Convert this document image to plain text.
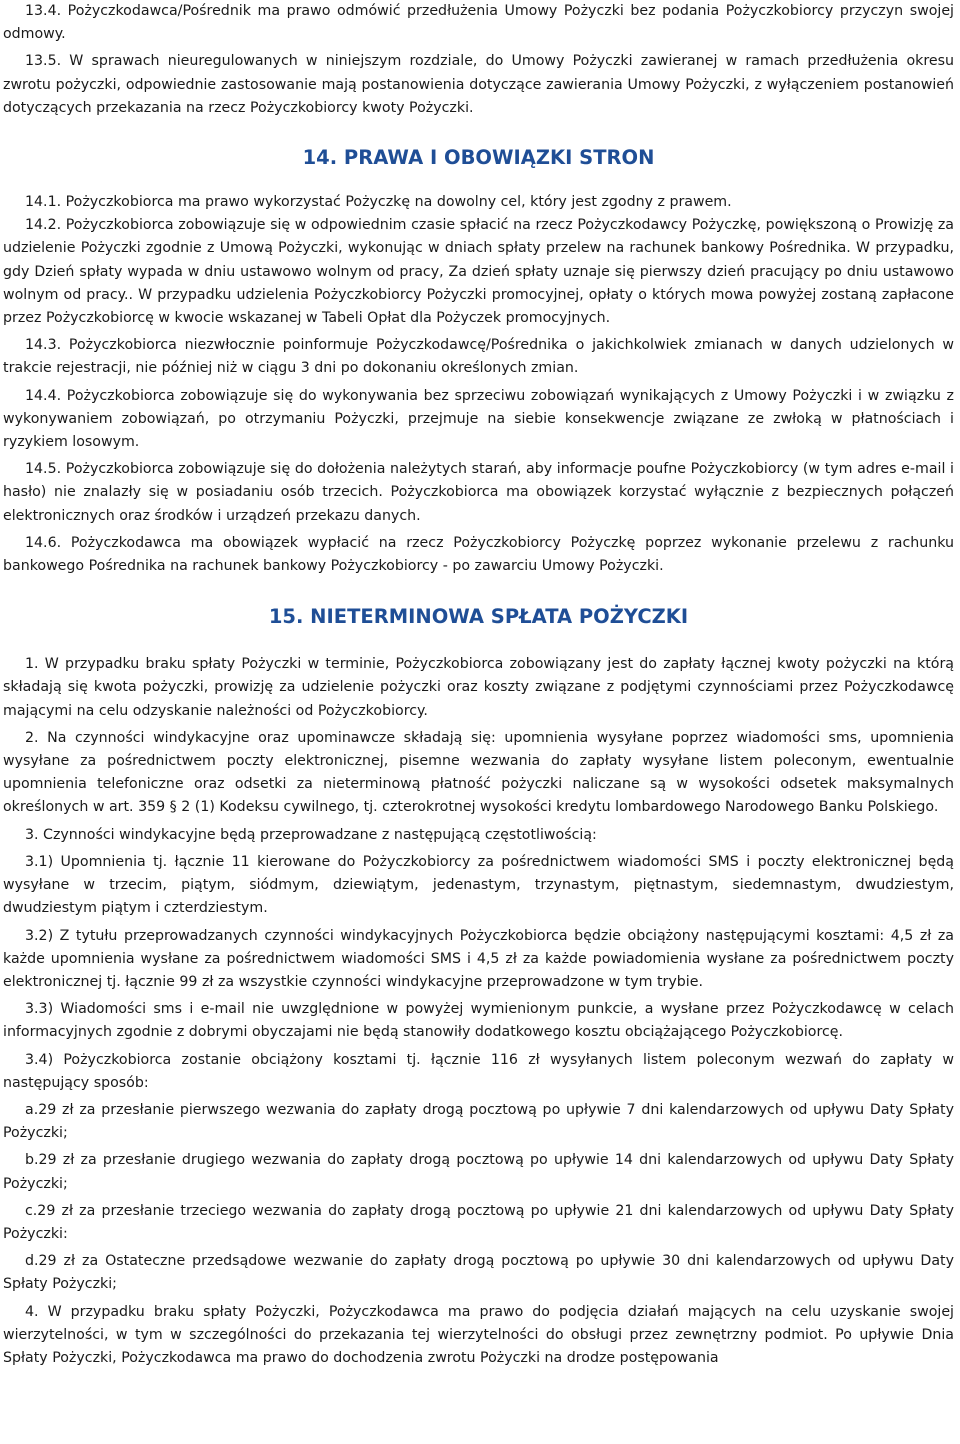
13.4. Pożyczkodawca/Pośrednik ma prawo odmówić przedłużenia Umowy Pożyczki bez podania Pożyczkobiorcy przyczyn swojej odmowy.

13.5. W sprawach nieuregulowanych w niniejszym rozdziale, do Umowy Pożyczki zawieranej w ramach przedłużenia okresu zwrotu pożyczki, odpowiednie zastosowanie mają postanowienia dotyczące zawierania Umowy Pożyczki, z wyłączeniem postanowień dotyczących przekazania na rzecz Pożyczkobiorcy kwoty Pożyczki.

14. PRAWA I OBOWIĄZKI STRON

14.1. Pożyczkobiorca ma prawo wykorzystać Pożyczkę na dowolny cel, który jest zgodny z prawem.

14.2. Pożyczkobiorca zobowiązuje się w odpowiednim czasie spłacić na rzecz Pożyczkodawcy Pożyczkę, powiększoną o Prowizję za udzielenie Pożyczki zgodnie z Umową Pożyczki, wykonując w dniach spłaty przelew na rachunek bankowy Pośrednika. W przypadku, gdy Dzień spłaty wypada w dniu ustawowo wolnym od pracy, Za dzień spłaty uznaje się pierwszy dzień pracujący po dniu ustawowo wolnym od pracy.. W przypadku udzielenia Pożyczkobiorcy Pożyczki promocyjnej, opłaty o których mowa powyżej zostaną zapłacone przez Pożyczkobiorcę w kwocie wskazanej w Tabeli Opłat dla Pożyczek promocyjnych.

14.3. Pożyczkobiorca niezwłocznie poinformuje Pożyczkodawcę/Pośrednika o jakichkolwiek zmianach w danych udzielonych w trakcie rejestracji, nie później niż w ciągu 3 dni po dokonaniu określonych zmian.

14.4. Pożyczkobiorca zobowiązuje się do wykonywania bez sprzeciwu zobowiązań wynikających z Umowy Pożyczki i w związku z wykonywaniem zobowiązań, po otrzymaniu Pożyczki, przejmuje na siebie konsekwencje związane ze zwłoką w płatnościach i ryzykiem losowym.

14.5. Pożyczkobiorca zobowiązuje się do dołożenia należytych starań, aby informacje poufne Pożyczkobiorcy (w tym adres e-mail i hasło) nie znalazły się w posiadaniu osób trzecich. Pożyczkobiorca ma obowiązek korzystać wyłącznie z bezpiecznych połączeń elektronicznych oraz środków i urządzeń przekazu danych.

14.6. Pożyczkodawca ma obowiązek wypłacić na rzecz Pożyczkobiorcy Pożyczkę poprzez wykonanie przelewu z rachunku bankowego Pośrednika na rachunek bankowy Pożyczkobiorcy - po zawarciu Umowy Pożyczki.

15. NIETERMINOWA SPŁATA POŻYCZKI

1. W przypadku braku spłaty Pożyczki w terminie, Pożyczkobiorca zobowiązany jest do zapłaty łącznej kwoty pożyczki na którą składają się kwota pożyczki, prowizję za udzielenie pożyczki oraz koszty związane z podjętymi czynnościami przez Pożyczkodawcę mającymi na celu odzyskanie należności od Pożyczkobiorcy.

2. Na czynności windykacyjne oraz upominawcze składają się: upomnienia wysyłane poprzez wiadomości sms, upomnienia wysyłane za pośrednictwem poczty elektronicznej, pisemne wezwania do zapłaty wysyłane listem poleconym, ewentualnie upomnienia telefoniczne oraz odsetki za nieterminową płatność pożyczki naliczane są w wysokości odsetek maksymalnych określonych w art. 359 § 2 (1) Kodeksu cywilnego, tj. czterokrotnej wysokości kredytu lombardowego Narodowego Banku Polskiego.

3. Czynności windykacyjne będą przeprowadzane z następującą częstotliwością:

3.1) Upomnienia tj. łącznie 11 kierowane do Pożyczkobiorcy za pośrednictwem wiadomości SMS i poczty elektronicznej będą wysyłane w trzecim, piątym, siódmym, dziewiątym, jedenastym, trzynastym, piętnastym, siedemnastym, dwudziestym, dwudziestym piątym i czterdziestym.

3.2) Z tytułu przeprowadzanych czynności windykacyjnych Pożyczkobiorca będzie obciążony następującymi kosztami: 4,5 zł za każde upomnienia wysłane za pośrednictwem wiadomości SMS i 4,5 zł za każde powiadomienia wysłane za pośrednictwem poczty elektronicznej tj. łącznie 99 zł za wszystkie czynności windykacyjne przeprowadzone w tym trybie.

3.3) Wiadomości sms i e-mail nie uwzględnione w powyżej wymienionym punkcie, a wysłane przez Pożyczkodawcę w celach informacyjnych zgodnie z dobrymi obyczajami nie będą stanowiły dodatkowego kosztu obciążającego Pożyczkobiorcę.

3.4) Pożyczkobiorca zostanie obciążony kosztami tj. łącznie 116 zł wysyłanych listem poleconym wezwań do zapłaty w następujący sposób:

a.29 zł za przesłanie pierwszego wezwania do zapłaty drogą pocztową po upływie 7 dni kalendarzowych od upływu Daty Spłaty Pożyczki;

b.29 zł za przesłanie drugiego wezwania do zapłaty drogą pocztową po upływie 14 dni kalendarzowych od upływu Daty Spłaty Pożyczki;

c.29 zł za przesłanie trzeciego wezwania do zapłaty drogą pocztową po upływie 21 dni kalendarzowych od upływu Daty Spłaty Pożyczki:

d.29 zł za Ostateczne przedsądowe wezwanie do zapłaty drogą pocztową po upływie 30 dni kalendarzowych od upływu Daty Spłaty Pożyczki;

4. W przypadku braku spłaty Pożyczki, Pożyczkodawca ma prawo do podjęcia działań mających na celu uzyskanie swojej wierzytelności, w tym w szczególności do przekazania tej wierzytelności do obsługi przez zewnętrzny podmiot. Po upływie Dnia Spłaty Pożyczki, Pożyczkodawca ma prawo do dochodzenia zwrotu Pożyczki na drodze postępowania
